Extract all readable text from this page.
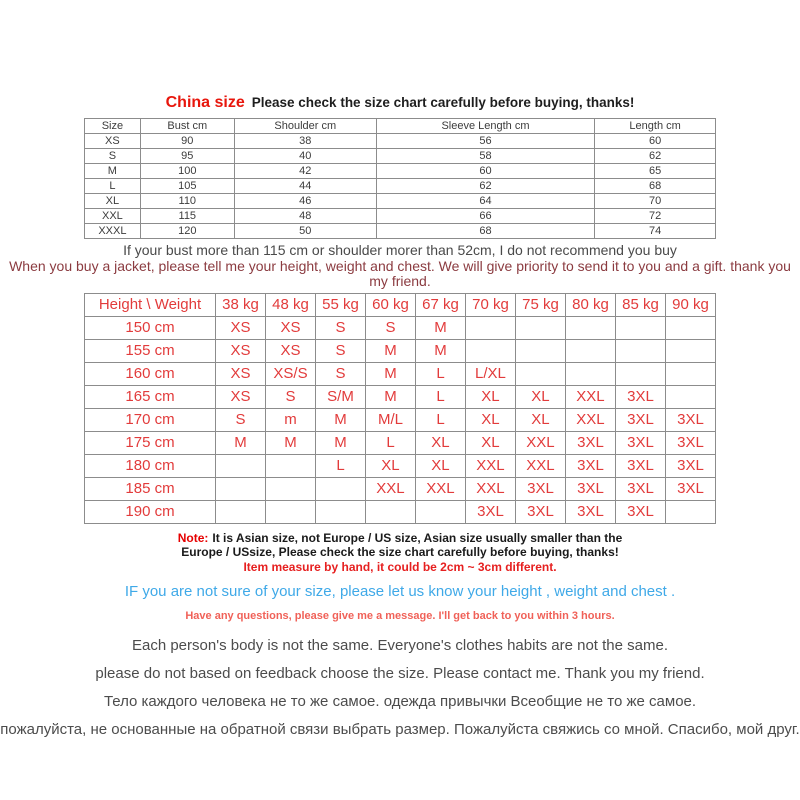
China size Please check the size chart carefully before buying, thanks!
Size	Bust cm	Shoulder cm	Sleeve Length cm	Length cm
XS	90	38	56	60
S	95	40	58	62
M	100	42	60	65
L	105	44	62	68
XL	110	46	64	70
XXL	115	48	66	72
XXXL	120	50	68	74
If your bust more than 115 cm or shoulder morer than 52cm, I do not recommend you buy
When you buy a jacket, please tell me your height, weight and chest. We will give priority to send it to you and a gift. thank you my friend.
Height \ Weight	38 kg	48 kg	55 kg	60 kg	67 kg	70 kg	75 kg	80 kg	85 kg	90 kg
150 cm	XS	XS	S	S	M					
155 cm	XS	XS	S	M	M					
160 cm	XS	XS/S	S	M	L	L/XL				
165 cm	XS	S	S/M	M	L	XL	XL	XXL	3XL	
170 cm	S	m	M	M/L	L	XL	XL	XXL	3XL	3XL
175 cm	M	M	M	L	XL	XL	XXL	3XL	3XL	3XL
180 cm			L	XL	XL	XXL	XXL	3XL	3XL	3XL
185 cm				XXL	XXL	XXL	3XL	3XL	3XL	3XL
190 cm						3XL	3XL	3XL	3XL	
Note: It is Asian size, not Europe / US size, Asian size usually smaller than the
Europe / USsize, Please check the size chart carefully before buying, thanks!
Item measure by hand, it could be 2cm ~ 3cm different.
IF you are not sure of your size, please let us know your height , weight and chest .
Have any questions, please give me a message. I'll get back to you within 3 hours.

Each person's body is not the same. Everyone's clothes habits are not the same.

please do not based on feedback choose the size. Please contact me. Thank you my friend.

Тело каждого человека не то же самое. одежда привычки Всеобщие не то же самое.

пожалуйста, не основанные на обратной связи выбрать размер. Пожалуйста свяжись со мной. Спасибо, мой друг.
